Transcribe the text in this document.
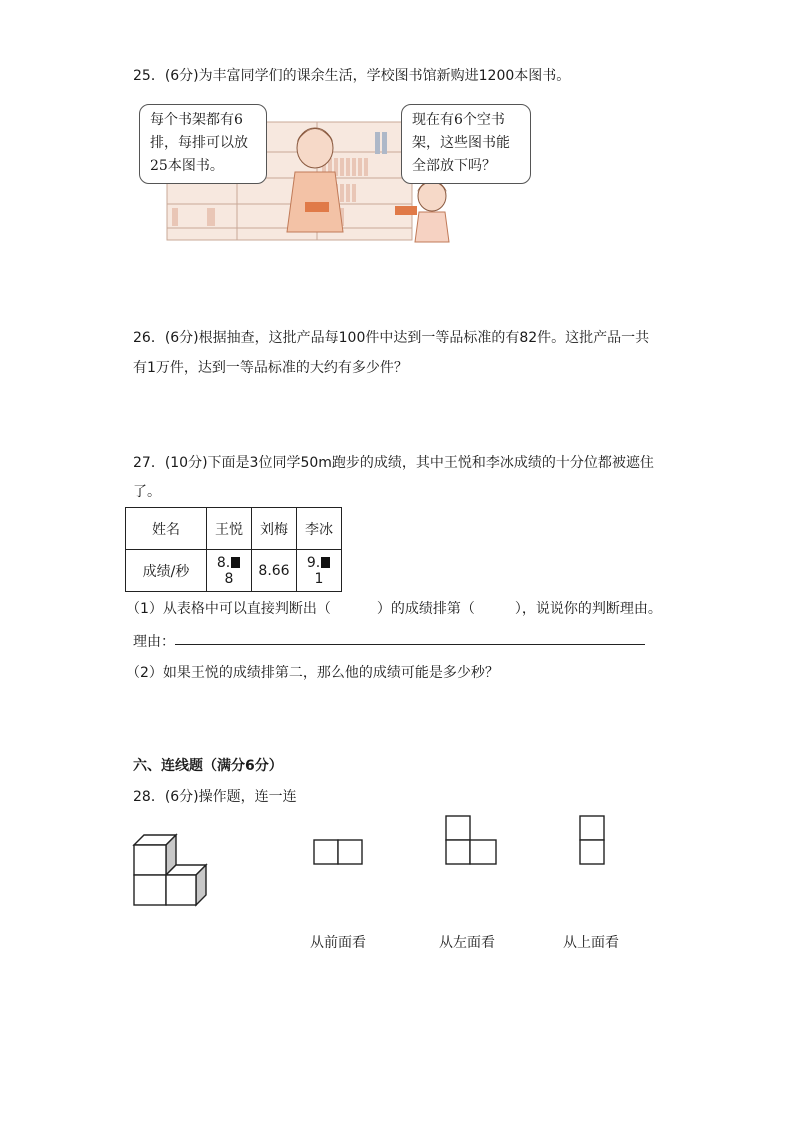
25．(6分)为丰富同学们的课余生活，学校图书馆新购进1200本图书。
每个书架都有6
排，每排可以放
25本图书。
现在有6个空书
架，这些图书能
全部放下吗？
26．(6分)根据抽查，这批产品每100件中达到一等品标准的有82件。这批产品一共
有1万件，达到一等品标准的大约有多少件？
27．(10分)下面是3位同学50m跑步的成绩，其中王悦和李冰成绩的十分位都被遮住
了。
姓名	王悦	刘梅	李冰
成绩/秒	8.8	8.66	9.1
（1）从表格中可以直接判断出（	）的成绩排第（	），说说你的判断理由。
理由：
（2）如果王悦的成绩排第二，那么他的成绩可能是多少秒？
六、连线题（满分6分）
28．(6分)操作题，连一连
从前面看	从左面看	从上面看
